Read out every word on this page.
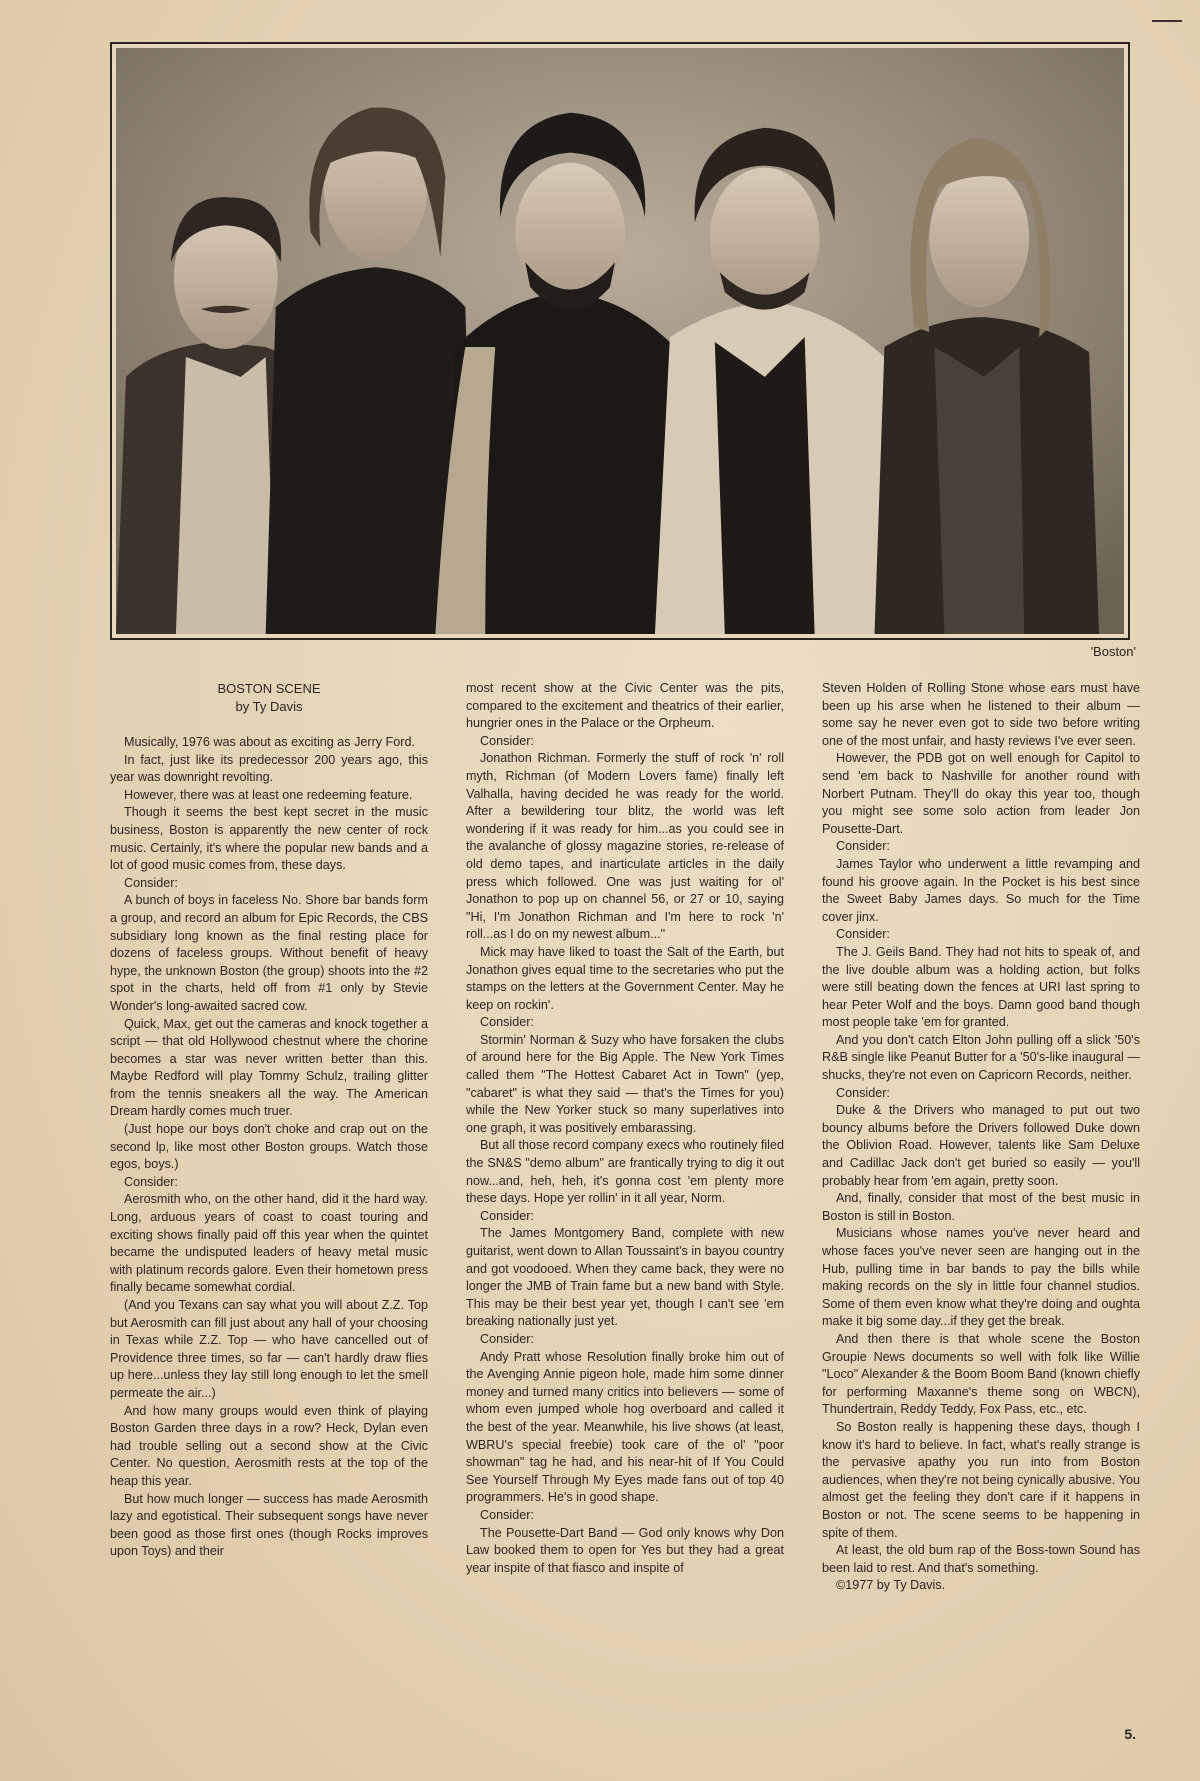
'Boston'
BOSTON SCENE
by Ty Davis

Musically, 1976 was about as exciting as Jerry Ford.

In fact, just like its predecessor 200 years ago, this year was downright revolting.

However, there was at least one redeeming feature.

Though it seems the best kept secret in the music business, Boston is apparently the new center of rock music. Certainly, it's where the popular new bands and a lot of good music comes from, these days.

Consider:

A bunch of boys in faceless No. Shore bar bands form a group, and record an album for Epic Records, the CBS subsidiary long known as the final resting place for dozens of faceless groups. Without benefit of heavy hype, the unknown Boston (the group) shoots into the #2 spot in the charts, held off from #1 only by Stevie Wonder's long-awaited sacred cow.

Quick, Max, get out the cameras and knock together a script — that old Hollywood chestnut where the chorine becomes a star was never written better than this. Maybe Redford will play Tommy Schulz, trailing glitter from the tennis sneakers all the way. The American Dream hardly comes much truer.

(Just hope our boys don't choke and crap out on the second lp, like most other Boston groups. Watch those egos, boys.)

Consider:

Aerosmith who, on the other hand, did it the hard way. Long, arduous years of coast to coast touring and exciting shows finally paid off this year when the quintet became the undisputed leaders of heavy metal music with platinum records galore. Even their hometown press finally became somewhat cordial.

(And you Texans can say what you will about Z.Z. Top but Aerosmith can fill just about any hall of your choosing in Texas while Z.Z. Top — who have cancelled out of Providence three times, so far — can't hardly draw flies up here...unless they lay still long enough to let the smell permeate the air...)

And how many groups would even think of playing Boston Garden three days in a row? Heck, Dylan even had trouble selling out a second show at the Civic Center. No question, Aerosmith rests at the top of the heap this year.

But how much longer — success has made Aerosmith lazy and egotistical. Their subsequent songs have never been good as those first ones (though Rocks improves upon Toys) and their

most recent show at the Civic Center was the pits, compared to the excitement and theatrics of their earlier, hungrier ones in the Palace or the Orpheum.

Consider:

Jonathon Richman. Formerly the stuff of rock 'n' roll myth, Richman (of Modern Lovers fame) finally left Valhalla, having decided he was ready for the world. After a bewildering tour blitz, the world was left wondering if it was ready for him...as you could see in the avalanche of glossy magazine stories, re-release of old demo tapes, and inarticulate articles in the daily press which followed. One was just waiting for ol' Jonathon to pop up on channel 56, or 27 or 10, saying "Hi, I'm Jonathon Richman and I'm here to rock 'n' roll...as I do on my newest album..."

Mick may have liked to toast the Salt of the Earth, but Jonathon gives equal time to the secretaries who put the stamps on the letters at the Government Center. May he keep on rockin'.

Consider:

Stormin' Norman & Suzy who have forsaken the clubs of around here for the Big Apple. The New York Times called them "The Hottest Cabaret Act in Town" (yep, "cabaret" is what they said — that's the Times for you) while the New Yorker stuck so many superlatives into one graph, it was positively embarassing.

But all those record company execs who routinely filed the SN&S "demo album" are frantically trying to dig it out now...and, heh, heh, it's gonna cost 'em plenty more these days. Hope yer rollin' in it all year, Norm.

Consider:

The James Montgomery Band, complete with new guitarist, went down to Allan Toussaint's in bayou country and got voodooed. When they came back, they were no longer the JMB of Train fame but a new band with Style. This may be their best year yet, though I can't see 'em breaking nationally just yet.

Consider:

Andy Pratt whose Resolution finally broke him out of the Avenging Annie pigeon hole, made him some dinner money and turned many critics into believers — some of whom even jumped whole hog overboard and called it the best of the year. Meanwhile, his live shows (at least, WBRU's special freebie) took care of the ol' "poor showman" tag he had, and his near-hit of If You Could See Yourself Through My Eyes made fans out of top 40 programmers. He's in good shape.

Consider:

The Pousette-Dart Band — God only knows why Don Law booked them to open for Yes but they had a great year inspite of that fiasco and inspite of

Steven Holden of Rolling Stone whose ears must have been up his arse when he listened to their album — some say he never even got to side two before writing one of the most unfair, and hasty reviews I've ever seen.

However, the PDB got on well enough for Capitol to send 'em back to Nashville for another round with Norbert Putnam. They'll do okay this year too, though you might see some solo action from leader Jon Pousette-Dart.

Consider:

James Taylor who underwent a little revamping and found his groove again. In the Pocket is his best since the Sweet Baby James days. So much for the Time cover jinx.

Consider:

The J. Geils Band. They had not hits to speak of, and the live double album was a holding action, but folks were still beating down the fences at URI last spring to hear Peter Wolf and the boys. Damn good band though most people take 'em for granted.

And you don't catch Elton John pulling off a slick '50's R&B single like Peanut Butter for a '50's-like inaugural — shucks, they're not even on Capricorn Records, neither.

Consider:

Duke & the Drivers who managed to put out two bouncy albums before the Drivers followed Duke down the Oblivion Road. However, talents like Sam Deluxe and Cadillac Jack don't get buried so easily — you'll probably hear from 'em again, pretty soon.

And, finally, consider that most of the best music in Boston is still in Boston.

Musicians whose names you've never heard and whose faces you've never seen are hanging out in the Hub, pulling time in bar bands to pay the bills while making records on the sly in little four channel studios. Some of them even know what they're doing and oughta make it big some day...if they get the break.

And then there is that whole scene the Boston Groupie News documents so well with folk like Willie "Loco" Alexander & the Boom Boom Band (known chiefly for performing Maxanne's theme song on WBCN), Thundertrain, Reddy Teddy, Fox Pass, etc., etc.

So Boston really is happening these days, though I know it's hard to believe. In fact, what's really strange is the pervasive apathy you run into from Boston audiences, when they're not being cynically abusive. You almost get the feeling they don't care if it happens in Boston or not. The scene seems to be happening in spite of them.

At least, the old bum rap of the Boss-town Sound has been laid to rest. And that's something.

©1977 by Ty Davis.

5.
